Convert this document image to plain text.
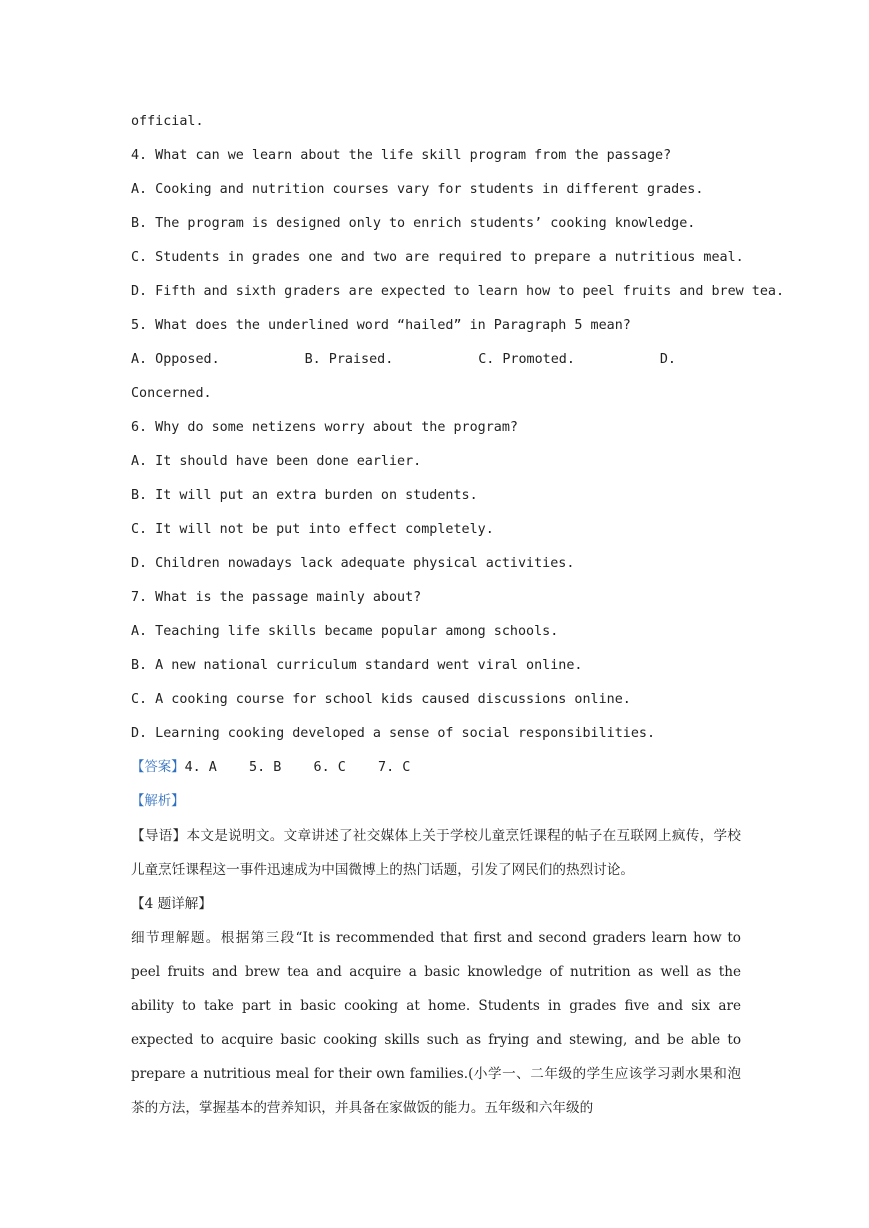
official.
4. What can we learn about the life skill program from the passage?
A. Cooking and nutrition courses vary for students in different grades.
B. The program is designed only to enrich students’ cooking knowledge.
C. Students in grades one and two are required to prepare a nutritious meal.
D. Fifth and sixth graders are expected to learn how to peel fruits and brew tea.
5. What does the underlined word “hailed” in Paragraph 5 mean?
A. Opposed.	B. Praised.	C. Promoted.	D.
Concerned.
6. Why do some netizens worry about the program?
A. It should have been done earlier.
B. It will put an extra burden on students.
C. It will not be put into effect completely.
D. Children nowadays lack adequate physical activities.
7. What is the passage mainly about?
A. Teaching life skills became popular among schools.
B. A new national curriculum standard went viral online.
C. A cooking course for school kids caused discussions online.
D. Learning cooking developed a sense of social responsibilities.
【答案】4. A    5. B    6. C    7. C
【解析】
【导语】本文是说明文。文章讲述了社交媒体上关于学校儿童烹饪课程的帖子在互联网上疯传，学校儿童烹饪课程这一事件迅速成为中国微博上的热门话题，引发了网民们的热烈讨论。
【4 题详解】
细节理解题。根据第三段“It is recommended that first and second graders learn how to peel fruits and brew tea and acquire a basic knowledge of nutrition as well as the ability to take part in basic cooking at home. Students in grades five and six are expected to acquire basic cooking skills such as frying and stewing, and be able to prepare a nutritious meal for their own families.(小学一、二年级的学生应该学习剥水果和泡茶的方法，掌握基本的营养知识，并具备在家做饭的能力。五年级和六年级的
